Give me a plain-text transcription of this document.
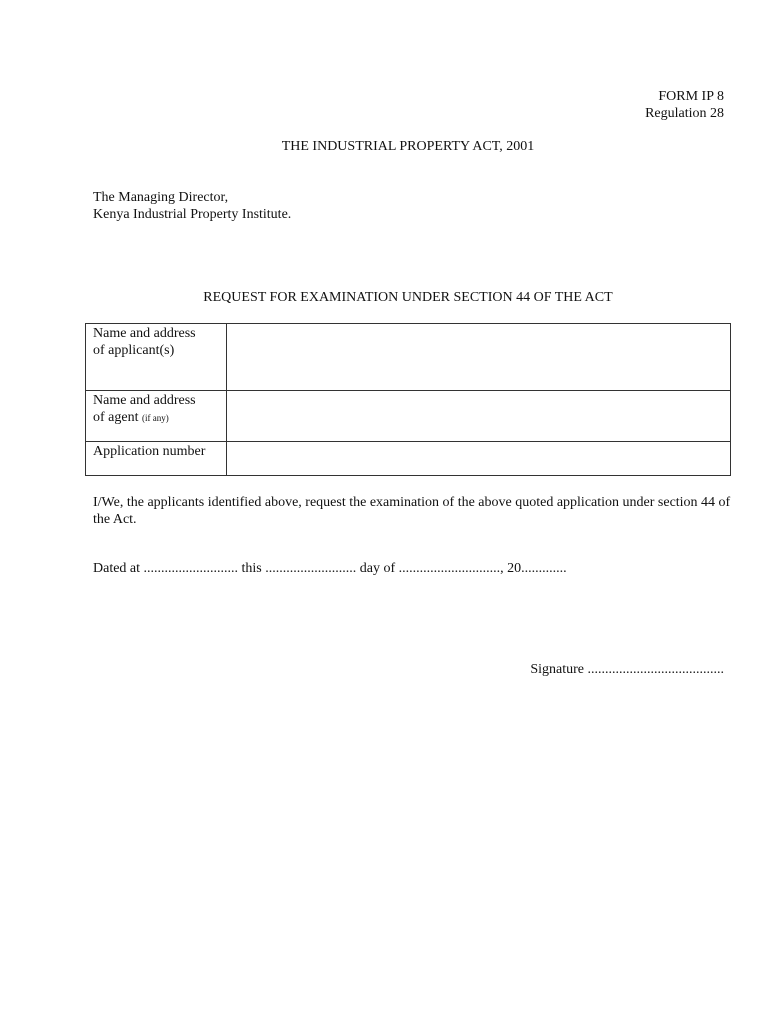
FORM IP 8
Regulation 28
THE INDUSTRIAL PROPERTY ACT, 2001
The Managing Director,
Kenya Industrial Property Institute.
REQUEST FOR EXAMINATION UNDER SECTION 44 OF THE ACT
Name and address
of applicant(s)	

Name and address
of agent (if any)	

Application number	
I/We, the applicants identified above, request the examination of the above quoted application under section 44 of the Act.
Dated at ........................... this .......................... day of ............................., 20.............
Signature .......................................
